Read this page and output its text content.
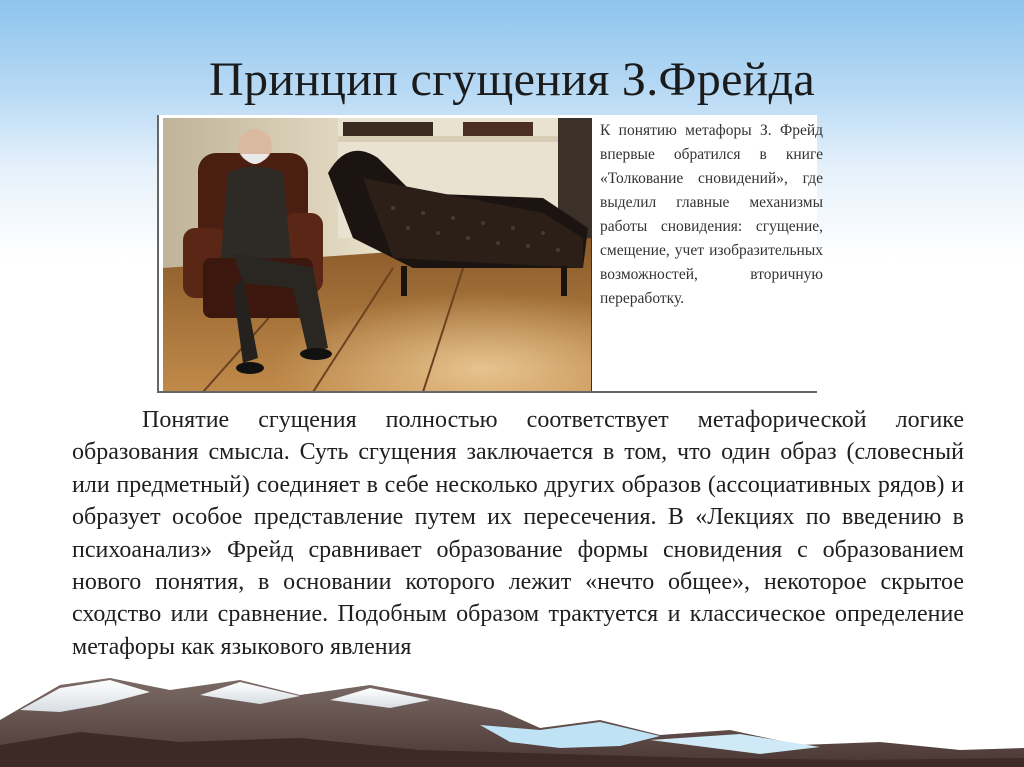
Принцип сгущения З.Фрейда
К понятию метафоры З. Фрейд впервые обратился в книге «Толкование сновидений», где выделил главные механизмы работы сновидения: сгущение, смещение, учет изобразительных возможностей, вторичную
переработку.
Понятие сгущения полностью соответствует метафорической логике образования смысла. Суть сгущения заключается в том, что один образ (словесный или предметный) соединяет в себе несколько других образов (ассоциативных рядов) и образует особое представление путем их пересечения. В «Лекциях по введению в психоанализ» Фрейд сравнивает образование формы сновидения с образованием нового понятия, в основании которого лежит «нечто общее», некоторое скрытое сходство или сравнение. Подобным образом трактуется и классическое определение метафоры как языкового явления
